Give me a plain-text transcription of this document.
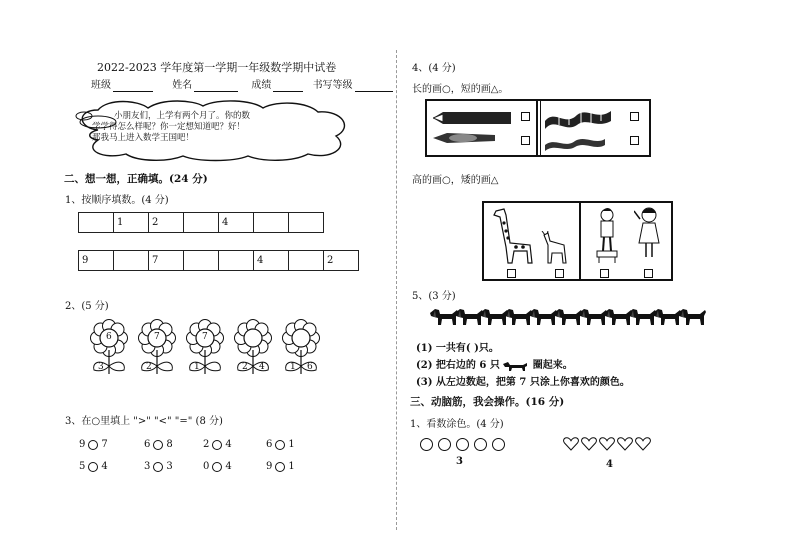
2022-2023 学年度第一学期一年级数学期中试卷
班级	姓名	成绩	书写等级
小朋友们，上学有两个月了。你的数
学学得怎么样呢？你一定想知道吧？好！
那我马上进入数学王国吧！
二、想一想，正确填。(24 分)
1、按顺序填数。(4 分)
	1	2		4		
9		7			4		2
2、(5 分)
6
3
7
2
7
1	2 4	1 6
3、在○里填上 ">" "<" "=" (8 分)
9 7	6 8	2 4	6 1
5 4	3 3	0 4	9 1
4、(4 分)
长的画○，短的画△。
高的画○，矮的画△
5、(3 分)
(1) 一共有( )只。
(2) 把右边的 6 只	圈起来。
(3) 从左边数起，把第 7 只涂上你喜欢的颜色。
三、动脑筋，我会操作。(16 分)
1、看数涂色。(4 分)
3	4
